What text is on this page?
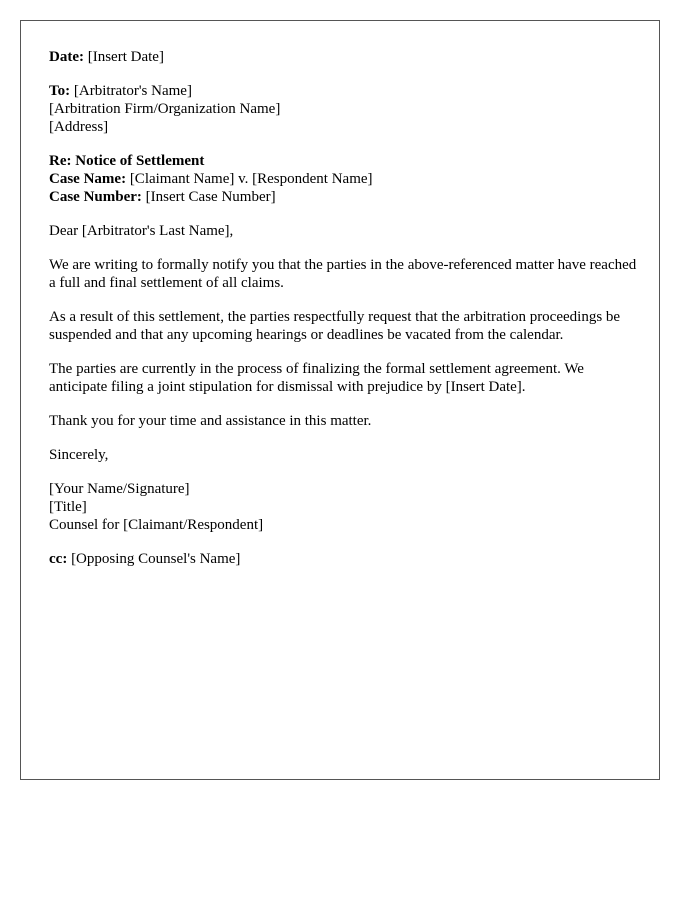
Date: [Insert Date]
To: [Arbitrator's Name]
[Arbitration Firm/Organization Name]
[Address]
Re: Notice of Settlement
Case Name: [Claimant Name] v. [Respondent Name]
Case Number: [Insert Case Number]
Dear [Arbitrator's Last Name],
We are writing to formally notify you that the parties in the above-referenced matter have reached a full and final settlement of all claims.
As a result of this settlement, the parties respectfully request that the arbitration proceedings be suspended and that any upcoming hearings or deadlines be vacated from the calendar.
The parties are currently in the process of finalizing the formal settlement agreement. We anticipate filing a joint stipulation for dismissal with prejudice by [Insert Date].
Thank you for your time and assistance in this matter.
Sincerely,
[Your Name/Signature]
[Title]
Counsel for [Claimant/Respondent]
cc: [Opposing Counsel's Name]
